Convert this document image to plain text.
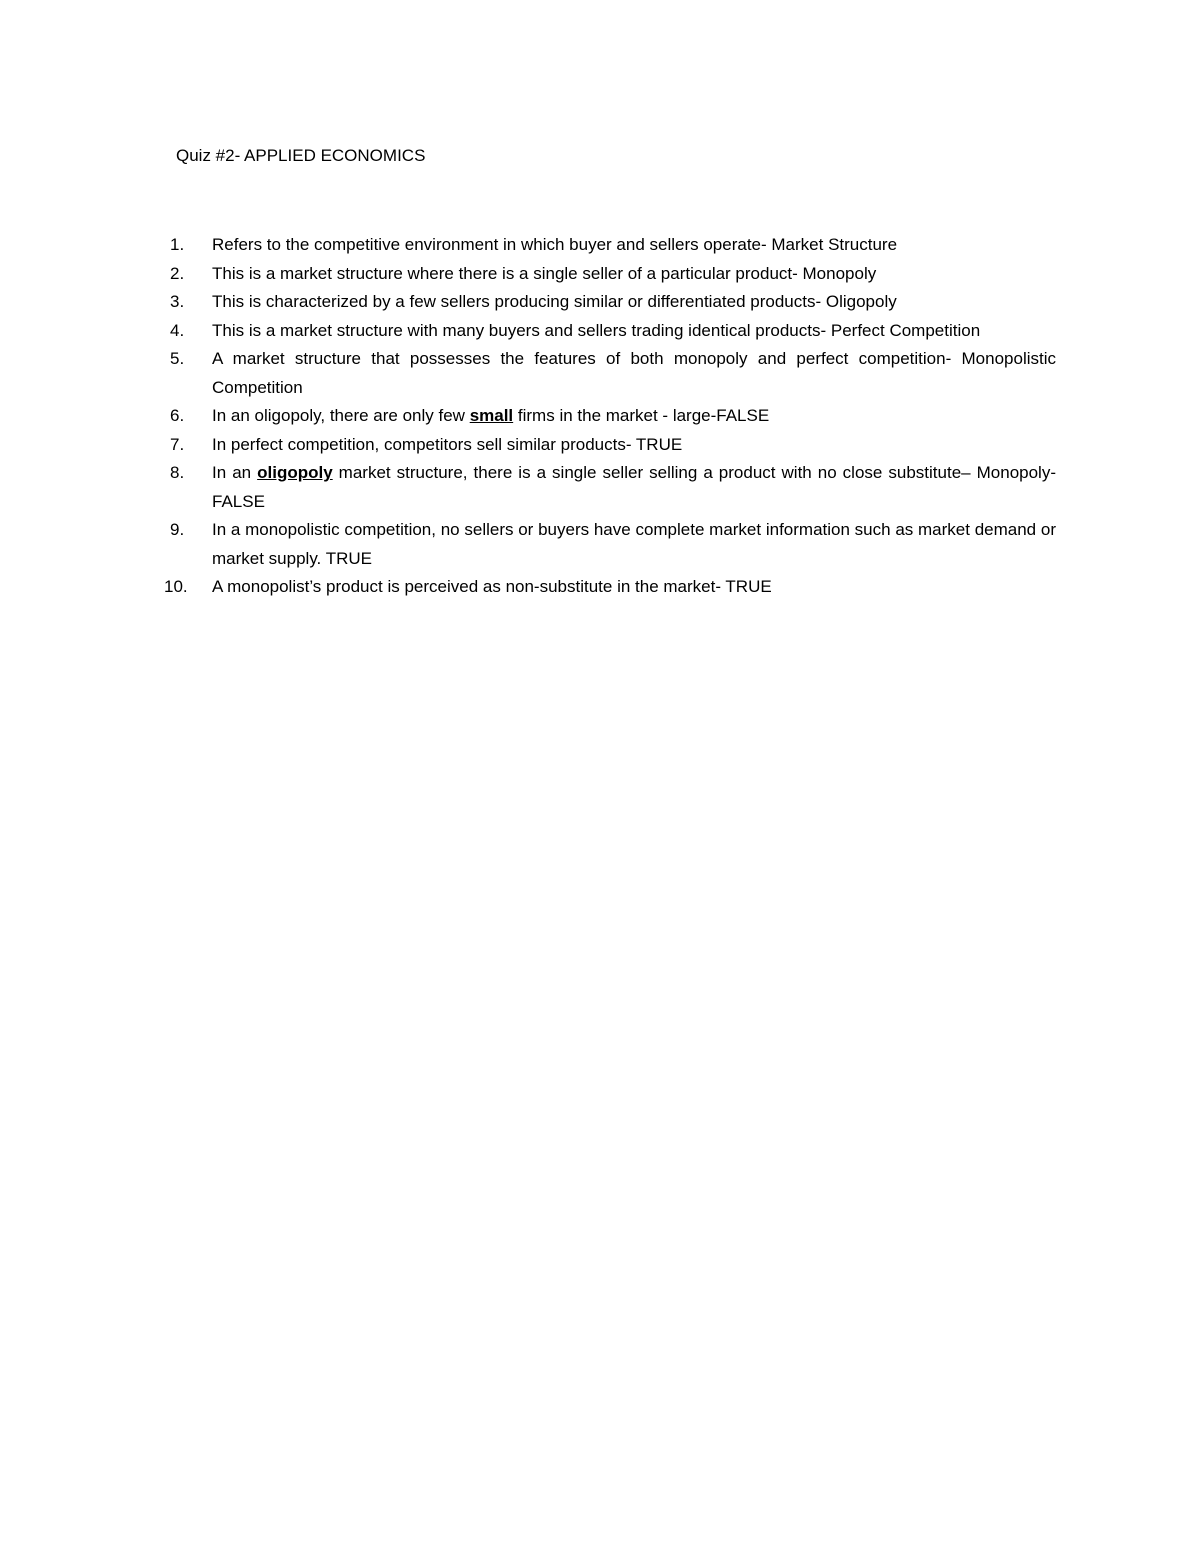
Quiz #2- APPLIED ECONOMICS
1.	Refers to the competitive environment in which buyer and sellers operate- Market Structure
2.	This is a market structure where there is a single seller of a particular product- Monopoly
3.	This is characterized by a few sellers producing similar or differentiated products- Oligopoly
4.	This is a market structure with many buyers and sellers trading identical products- Perfect Competition
5.	A market structure that possesses the features of both monopoly and perfect competition- Monopolistic Competition
6.	In an oligopoly, there are only few small firms in the market - large-FALSE
7.	In perfect competition, competitors sell similar products- TRUE
8.	In an oligopoly market structure, there is a single seller selling a product with no close substitute– Monopoly- FALSE
9.	In a monopolistic competition, no sellers or buyers have complete market information such as market demand or market supply. TRUE
10.	A monopolist’s product is perceived as non-substitute in the market- TRUE
